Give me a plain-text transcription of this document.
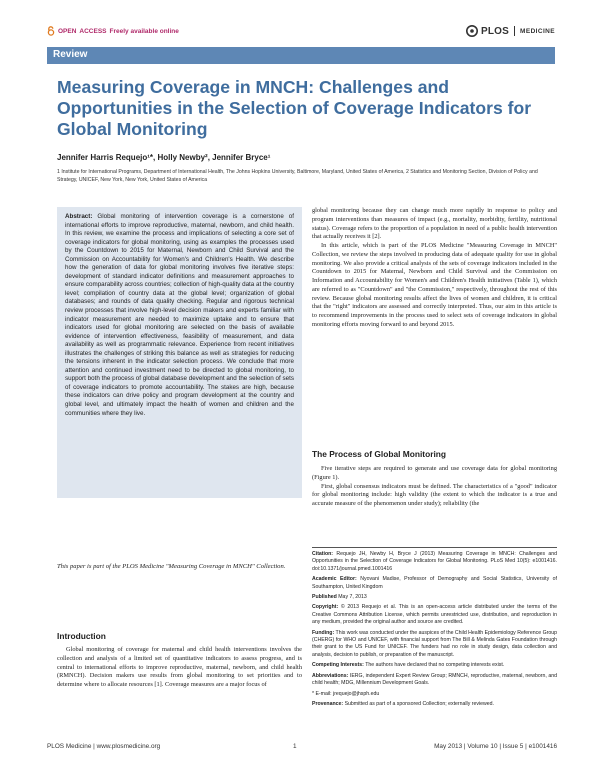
OPEN ACCESS Freely available online	PLOS MEDICINE
Review
Measuring Coverage in MNCH: Challenges and Opportunities in the Selection of Coverage Indicators for Global Monitoring
Jennifer Harris Requejo¹*, Holly Newby², Jennifer Bryce¹
1 Institute for International Programs, Department of International Health, The Johns Hopkins University, Baltimore, Maryland, United States of America, 2 Statistics and Monitoring Section, Division of Policy and Strategy, UNICEF, New York, New York, United States of America

Abstract: Global monitoring of intervention coverage is a cornerstone of international efforts to improve reproductive, maternal, newborn, and child health. In this review, we examine the process and implications of selecting a core set of coverage indicators for global monitoring, using as examples the processes used by the Countdown to 2015 for Maternal, Newborn and Child Survival and the Commission on Accountability for Women's and Children's Health. We describe how the generation of data for global monitoring involves five iterative steps: development of standard indicator definitions and measurement approaches to ensure comparability across countries; collection of high-quality data at the country level; compilation of country data at the global level; organization of global databases; and rounds of data quality checking. Regular and rigorous technical review processes that involve high-level decision makers and experts familiar with indicator measurement are needed to maximize uptake and to ensure that indicators used for global monitoring are selected on the basis of available evidence of intervention effectiveness, feasibility of measurement, and data availability as well as programmatic relevance. Experience from recent initiatives illustrates the challenges of striking this balance as well as strategies for reducing the tensions inherent in the indicator selection process. We conclude that more attention and continued investment need to be directed to global monitoring, to support both the process of global database development and the selection of sets of coverage indicators to promote accountability. The stakes are high, because these indicators can drive policy and program development at the country and global level, and ultimately impact the health of women and children and the communities where they live.

This paper is part of the PLOS Medicine "Measuring Coverage in MNCH" Collection.

Introduction

Global monitoring of coverage for maternal and child health interventions involves the collection and analysis of a limited set of quantitative indicators to assess progress, and is central to international efforts to improve reproductive, maternal, newborn, and child health (RMNCH). Decision makers use results from global monitoring to set priorities and to determine where to allocate resources [1]. Coverage measures are a major focus of

global monitoring because they can change much more rapidly in response to policy and program interventions than measures of impact (e.g., mortality, morbidity, fertility, nutritional status). Coverage refers to the proportion of a population in need of a public health intervention that actually receives it [2].

In this article, which is part of the PLOS Medicine "Measuring Coverage in MNCH" Collection, we review the steps involved in producing data of adequate quality for use in global monitoring. We also provide a critical analysis of the sets of coverage indicators included in the Countdown to 2015 for Maternal, Newborn and Child Survival and the Commission on Information and Accountability for Women's and Children's Health initiatives (Table 1), which are referred to as "Countdown" and "the Commission," respectively, throughout the rest of this review. Because global monitoring results affect the lives of women and children, it is critical that the "right" indicators are assessed and correctly interpreted. Thus, our aim in this article is to recommend improvements in the process used to select sets of coverage indicators in global monitoring efforts moving forward to and beyond 2015.

The Process of Global Monitoring

Five iterative steps are required to generate and use coverage data for global monitoring (Figure 1).

First, global consensus indicators must be defined. The characteristics of a "good" indicator for global monitoring include: high validity (the extent to which the indicator is a true and accurate measure of the phenomenon under study); reliability (the

Citation: Requejo JH, Newby H, Bryce J (2013) Measuring Coverage in MNCH: Challenges and Opportunities in the Selection of Coverage Indicators for Global Monitoring. PLoS Med 10(5): e1001416. doi:10.1371/journal.pmed.1001416

Academic Editor: Nyovani Madise, Professor of Demography and Social Statistics, University of Southampton, United Kingdom

Published May 7, 2013

Copyright: © 2013 Requejo et al. This is an open-access article distributed under the terms of the Creative Commons Attribution License, which permits unrestricted use, distribution, and reproduction in any medium, provided the original author and source are credited.

Funding: This work was conducted under the auspices of the Child Health Epidemiology Reference Group (CHERG) for WHO and UNICEF, with financial support from The Bill & Melinda Gates Foundation through their grant to the US Fund for UNICEF. The funders had no role in study design, data collection and analysis, decision to publish, or preparation of the manuscript.

Competing Interests: The authors have declared that no competing interests exist.

Abbreviations: IERG, independent Expert Review Group; RMNCH, reproductive, maternal, newborn, and child health; MDG, Millennium Development Goals.

* E-mail: jrequejo@jhsph.edu

Provenance: Submitted as part of a sponsored Collection; externally reviewed.

PLOS Medicine | www.plosmedicine.org	1	May 2013 | Volume 10 | Issue 5 | e1001416
